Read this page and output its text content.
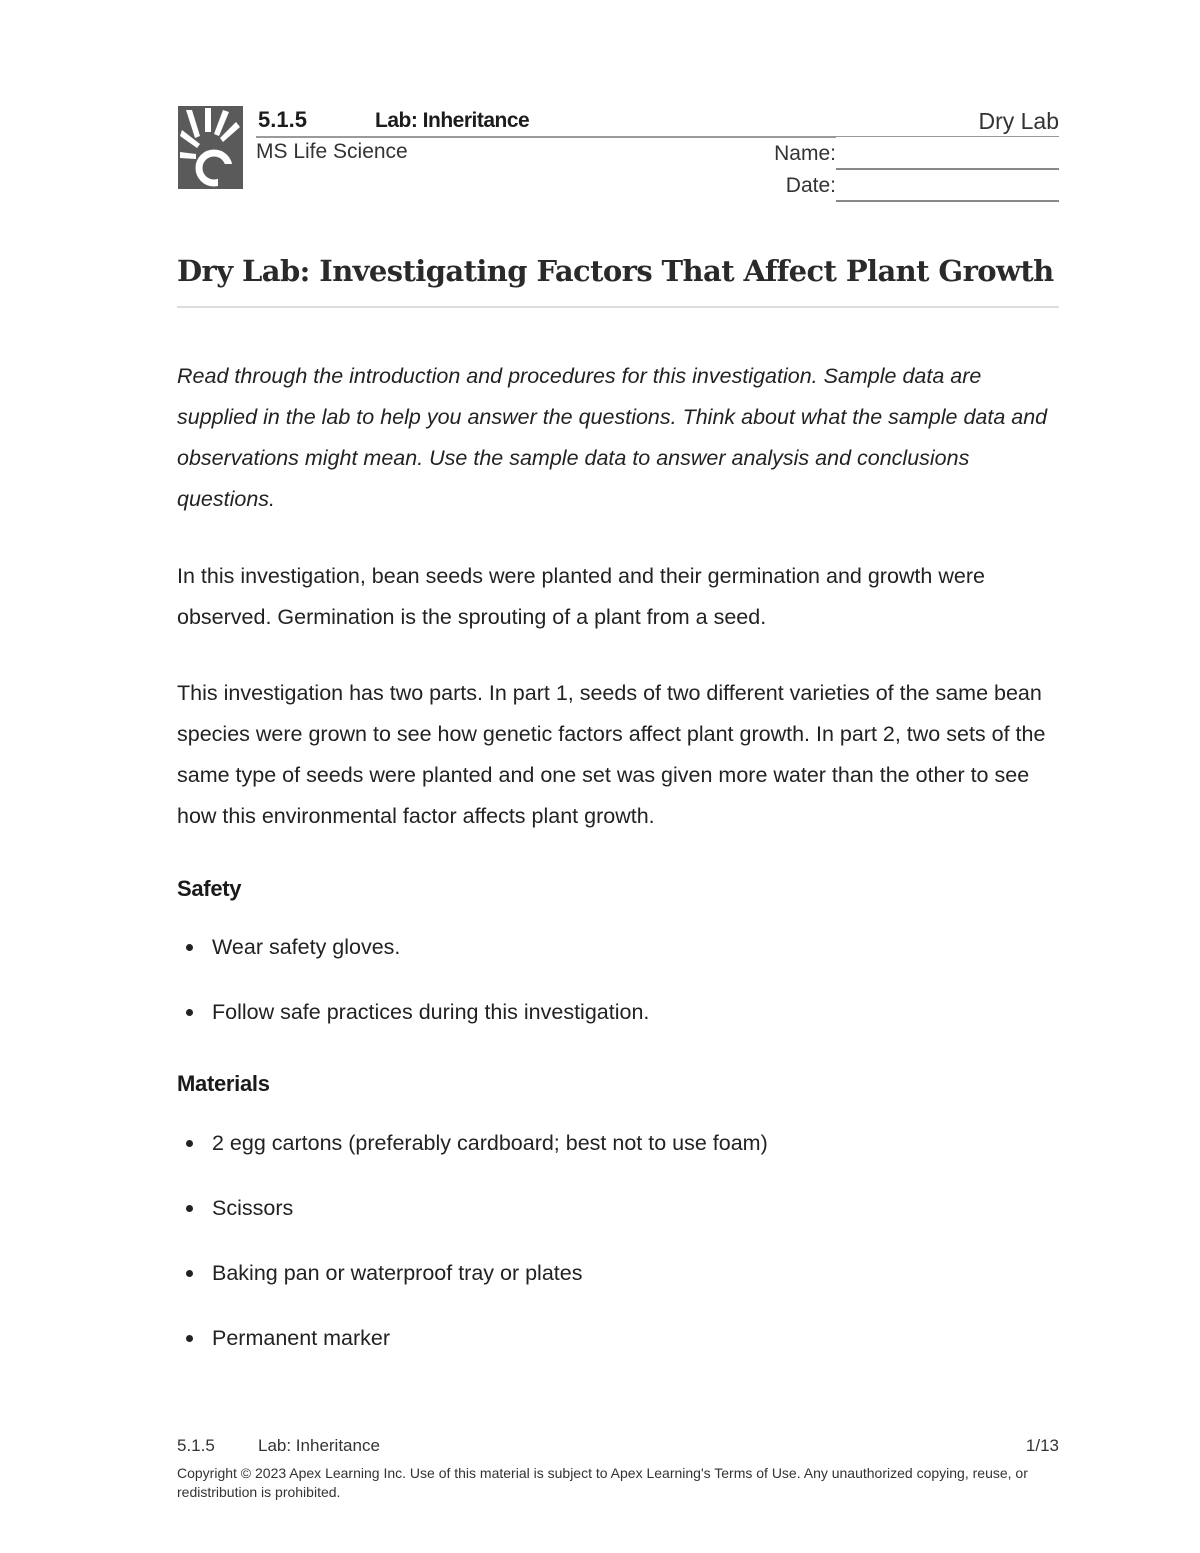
5.1.5	Lab: Inheritance	Dry Lab
MS Life Science	Name:
Date:
Dry Lab: Investigating Factors That Affect Plant Growth
Read through the introduction and procedures for this investigation. Sample data are supplied in the lab to help you answer the questions. Think about what the sample data and observations might mean. Use the sample data to answer analysis and conclusions questions.
In this investigation, bean seeds were planted and their germination and growth were observed. Germination is the sprouting of a plant from a seed.
This investigation has two parts. In part 1, seeds of two different varieties of the same bean species were grown to see how genetic factors affect plant growth. In part 2, two sets of the same type of seeds were planted and one set was given more water than the other to see how this environmental factor affects plant growth.
Safety
Wear safety gloves.
Follow safe practices during this investigation.
Materials
2 egg cartons (preferably cardboard; best not to use foam)
Scissors
Baking pan or waterproof tray or plates
Permanent marker
5.1.5	Lab: Inheritance	1/13
Copyright © 2023 Apex Learning Inc. Use of this material is subject to Apex Learning's Terms of Use. Any unauthorized copying, reuse, or redistribution is prohibited.
